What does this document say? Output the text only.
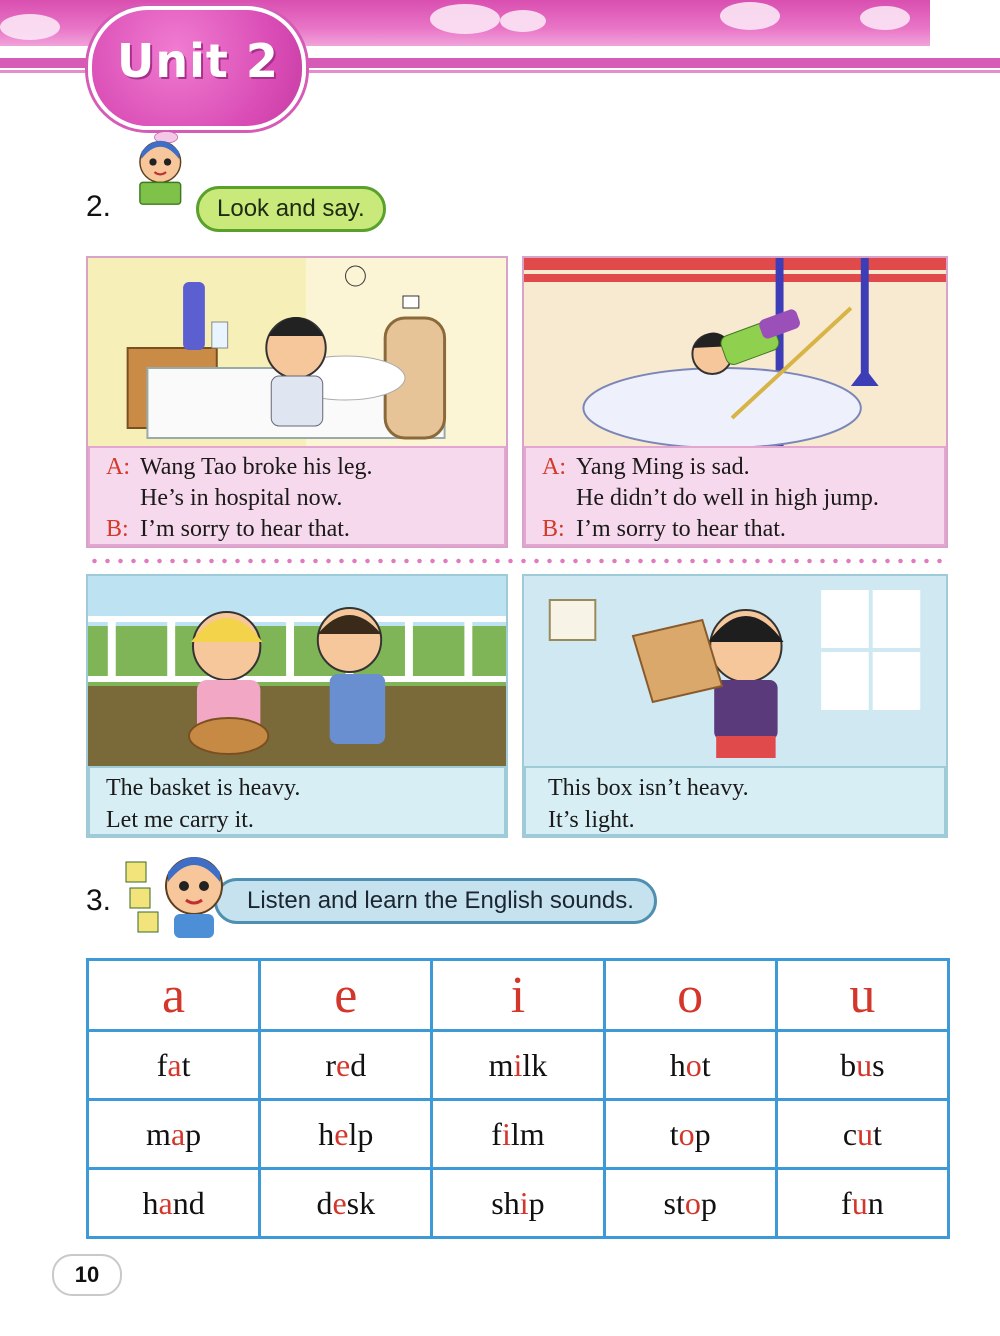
Unit 2
2.	Look and say.
A: Wang Tao broke his leg.
He’s in hospital now.
B: I’m sorry to hear that.
A: Yang Ming is sad.
He didn’t do well in high jump.
B: I’m sorry to hear that.
The basket is heavy.
Let me carry it.
This box isn’t heavy.
It’s light.
3.	Listen and learn the English sounds.
a	e	i	o	u
fat	red	milk	hot	bus
map	help	film	top	cut
hand	desk	ship	stop	fun
10
